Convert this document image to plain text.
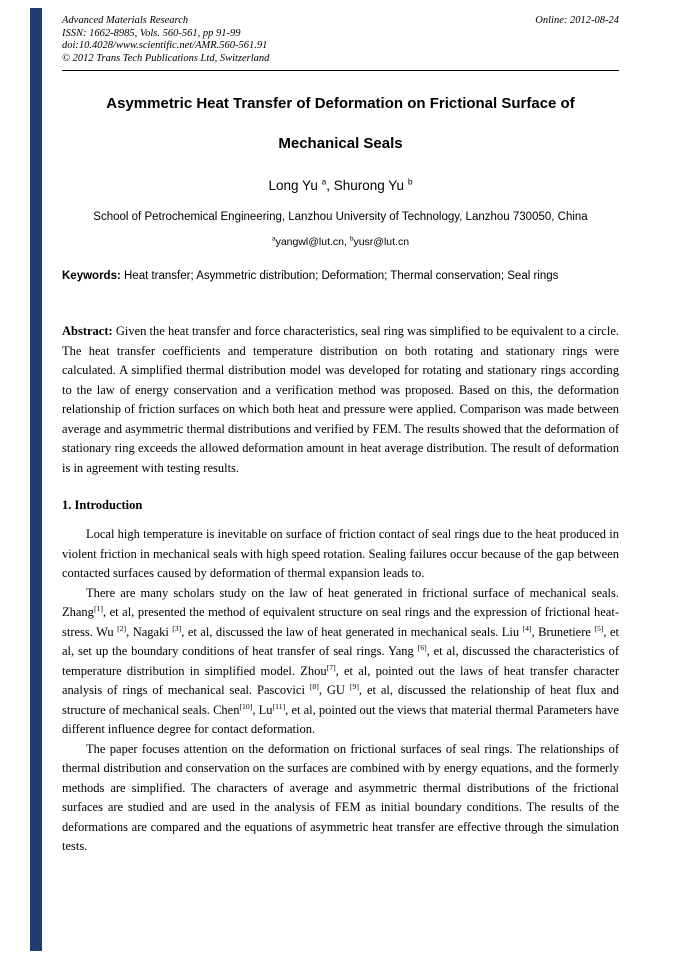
Advanced Materials Research
ISSN: 1662-8985, Vols. 560-561, pp 91-99
doi:10.4028/www.scientific.net/AMR.560-561.91
© 2012 Trans Tech Publications Ltd, Switzerland
Online: 2012-08-24
Asymmetric Heat Transfer of Deformation on Frictional Surface of
Mechanical Seals
Long Yu $^a$, Shurong Yu $^b$
School of Petrochemical Engineering, Lanzhou University of Technology, Lanzhou 730050, China
$^a$yangwl@lut.cn, $^b$yusr@lut.cn
Keywords: Heat transfer; Asymmetric distribution; Deformation; Thermal conservation; Seal rings

Abstract: Given the heat transfer and force characteristics, seal ring was simplified to be equivalent to a circle. The heat transfer coefficients and temperature distribution on both rotating and stationary rings were calculated. A simplified thermal distribution model was developed for rotating and stationary rings according to the law of energy conservation and a verification method was proposed. Based on this, the deformation relationship of friction surfaces on which both heat and pressure were applied. Comparison was made between average and asymmetric thermal distributions and verified by FEM. The results showed that the deformation of stationary ring exceeds the allowed deformation amount in heat average distribution. The result of deformation is in agreement with testing results.

1. Introduction

Local high temperature is inevitable on surface of friction contact of seal rings due to the heat produced in violent friction in mechanical seals with high speed rotation. Sealing failures occur because of the gap between contacted surfaces caused by deformation of thermal expansion leads to.

There are many scholars study on the law of heat generated in frictional surface of mechanical seals. Zhang[1], et al, presented the method of equivalent structure on seal rings and the expression of frictional heat-stress. Wu [2], Nagaki [3], et al, discussed the law of heat generated in mechanical seals. Liu [4], Brunetiere [5], et al, set up the boundary conditions of heat transfer of seal rings. Yang [6], et al, discussed the characteristics of temperature distribution in simplified model. Zhou[7], et al, pointed out the laws of heat transfer character analysis of rings of mechanical seal. Pascovici [8], GU [9], et al, discussed the relationship of heat flux and structure of mechanical seals. Chen[10], Lu[11], et al, pointed out the views that material thermal Parameters have different influence degree for contact deformation.

The paper focuses attention on the deformation on frictional surfaces of seal rings. The relationships of thermal distribution and conservation on the surfaces are combined with by energy equations, and the formerly methods are simplified. The characters of average and asymmetric thermal distributions of the frictional surfaces are studied and are used in the analysis of FEM as initial boundary conditions. The results of the deformations are compared and the equations of asymmetric heat transfer are effective through the simulation tests.
